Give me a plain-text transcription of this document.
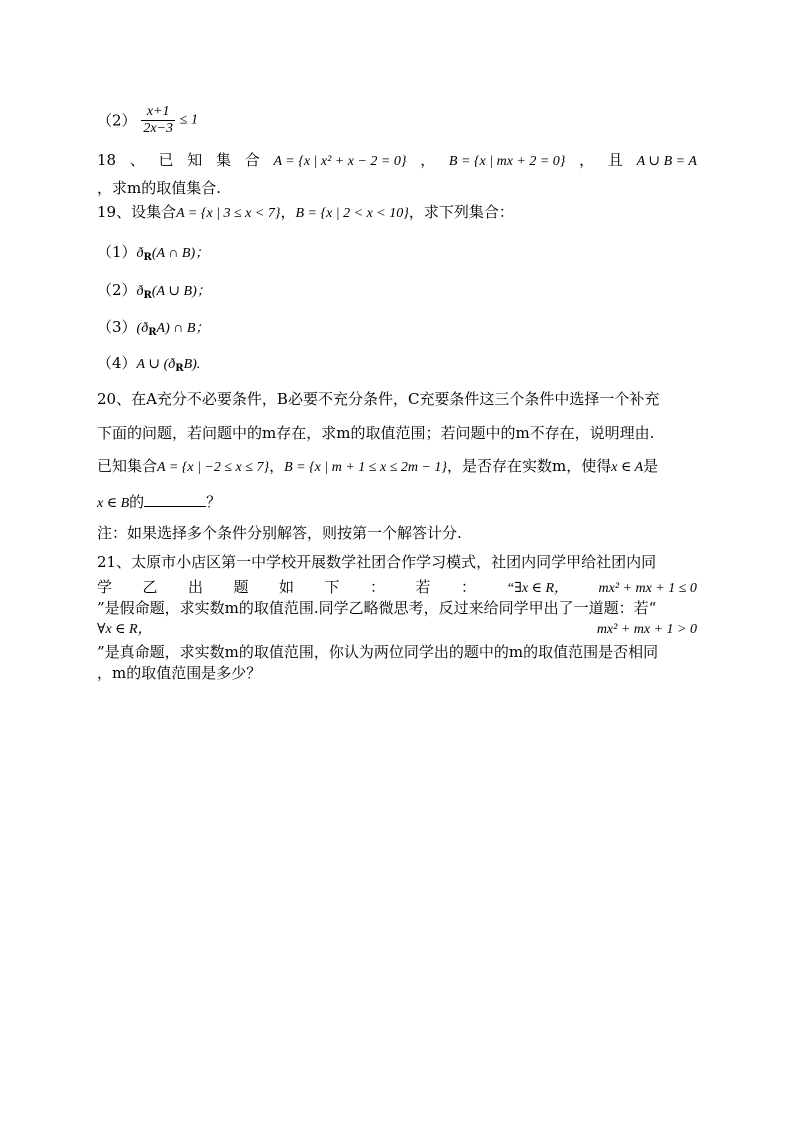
$(2) \frac{x+1}{2x-3} \le 1$
18 、 已 知 集 合 A = {x | x² + x − 2 = 0} ， B = {x | mx + 2 = 0} ， 且 A ∪ B = A
，求m的取值集合.
19、设集合A = {x | 3 ≤ x < 7}，B = {x | 2 < x < 10}，求下列集合：
$(1)ð_R(A$ ∩ B)；
$(2)ð_R(A$ ∪ B)；
$(3)(ð_RA)$ ∩ B；
（4）A ∪ $(ð_RB)$.
20、在A充分不必要条件，B必要不充分条件，C充要条件这三个条件中选择一个补充
下面的问题，若问题中的m存在，求m的取值范围；若问题中的m不存在，说明理由.
已知集合A = {x | −2 ≤ x ≤ 7}，B = {x | m + 1 ≤ x ≤ 2m − 1}，是否存在实数m，使得x ∈ A是
x ∈ B的	？
注：如果选择多个条件分别解答，则按第一个解答计分.
21、太原市小店区第一中学校开展数学社团合作学习模式，社团内同学甲给社团内同
学 乙 出 题 如 下 ： 若 ： “∃x ∈ R， mx² + mx + 1 ≤ 0
”是假命题，求实数m的取值范围.同学乙略微思考，反过来给同学甲出了一道题：若“
∀x ∈ R，	mx² + mx + 1 > 0
”是真命题，求实数m的取值范围，你认为两位同学出的题中的m的取值范围是否相同
，m的取值范围是多少？
